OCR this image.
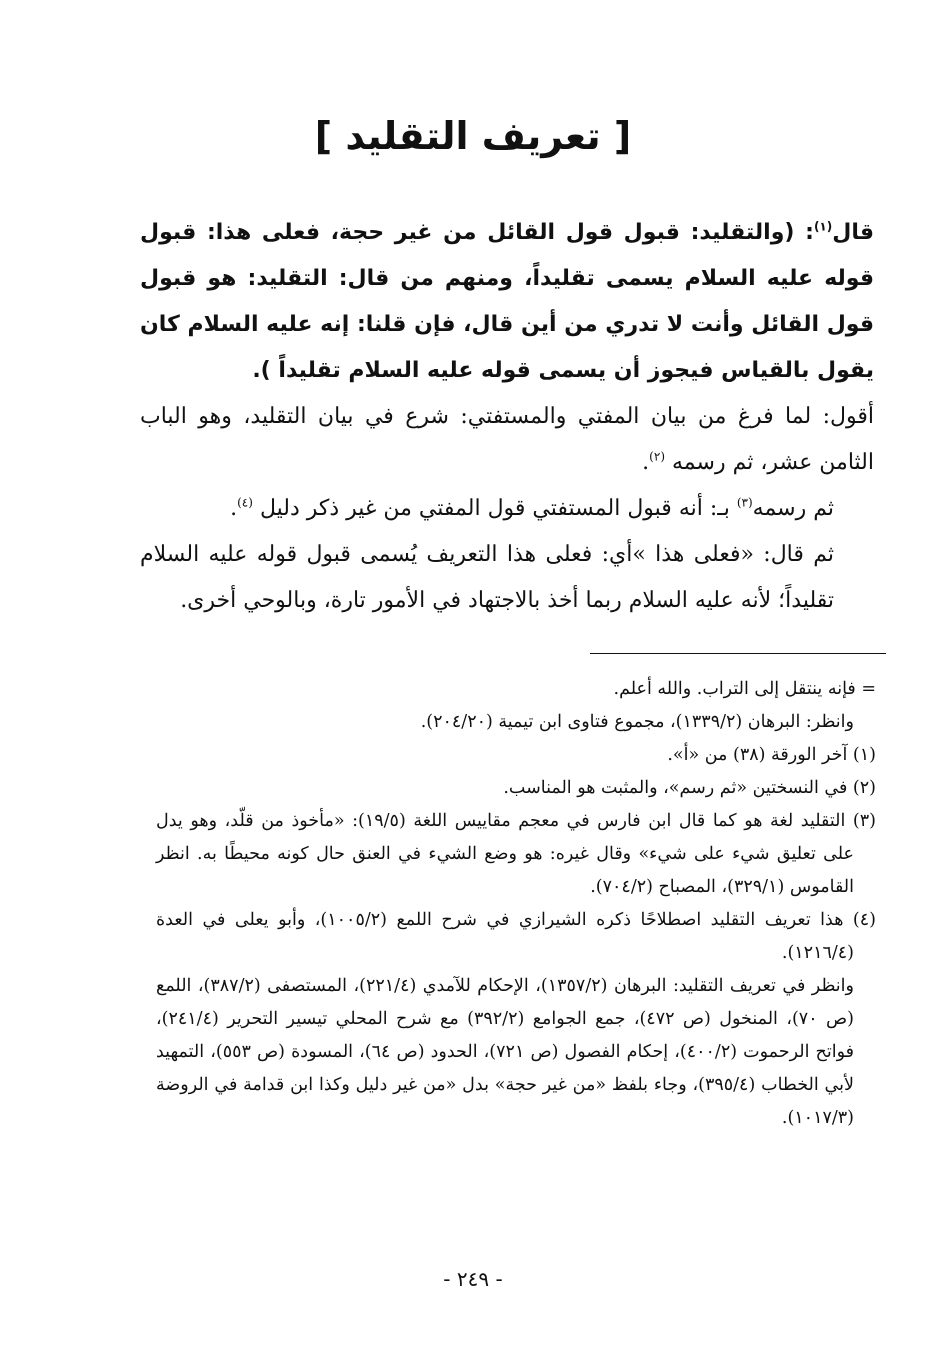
[ تعريف التقليد ]
قال$^{(١)}$: (والتقليد: قبول قول القائل من غير حجة، فعلى هذا: قبول قوله عليه السلام يسمى تقليداً، ومنهم من قال: التقليد: هو قبول قول القائل وأنت لا تدري من أين قال، فإن قلنا: إنه عليه السلام كان يقول بالقياس فيجوز أن يسمى قوله عليه السلام تقليداً ).

أقول: لما فرغ من بيان المفتي والمستفتي: شرع في بيان التقليد، وهو الباب الثامن عشر، ثم رسمه $^{(٢)}$.

ثم رسمه$^{(٣)}$ بـ: أنه قبول المستفتي قول المفتي من غير ذكر دليل $^{(٤)}$.

ثم قال: «فعلى هذا »أي: فعلى هذا التعريف يُسمى قبول قوله عليه السلام تقليداً؛ لأنه عليه السلام ربما أخذ بالاجتهاد في الأمور تارة، وبالوحي أخرى.

= فإنه ينتقل إلى التراب. والله أعلم.

وانظر: البرهان (١٣٣٩/٢)، مجموع فتاوى ابن تيمية (٢٠٤/٢٠).

(١) آخر الورقة (٣٨) من «أ».

(٢) في النسختين «ثم رسم»، والمثبت هو المناسب.

(٣) التقليد لغة هو كما قال ابن فارس في معجم مقاييس اللغة (١٩/٥): «مأخوذ من قلّد، وهو يدل على تعليق شيء على شيء» وقال غيره: هو وضع الشيء في العنق حال كونه محيطًا به. انظر القاموس (٣٢٩/١)، المصباح (٧٠٤/٢).

(٤) هذا تعريف التقليد اصطلاحًا ذكره الشيرازي في شرح اللمع (١٠٠٥/٢)، وأبو يعلى في العدة (١٢١٦/٤).

وانظر في تعريف التقليد: البرهان (١٣٥٧/٢)، الإحكام للآمدي (٢٢١/٤)، المستصفى (٣٨٧/٢)، اللمع (ص ٧٠)، المنخول (ص ٤٧٢)، جمع الجوامع (٣٩٢/٢) مع شرح المحلي تيسير التحرير (٢٤١/٤)، فواتح الرحموت (٤٠٠/٢)، إحكام الفصول (ص ٧٢١)، الحدود (ص ٦٤)، المسودة (ص ٥٥٣)، التمهيد لأبي الخطاب (٣٩٥/٤)، وجاء بلفظ «من غير حجة» بدل «من غير دليل وكذا ابن قدامة في الروضة (١٠١٧/٣).

- ٢٤٩ -
